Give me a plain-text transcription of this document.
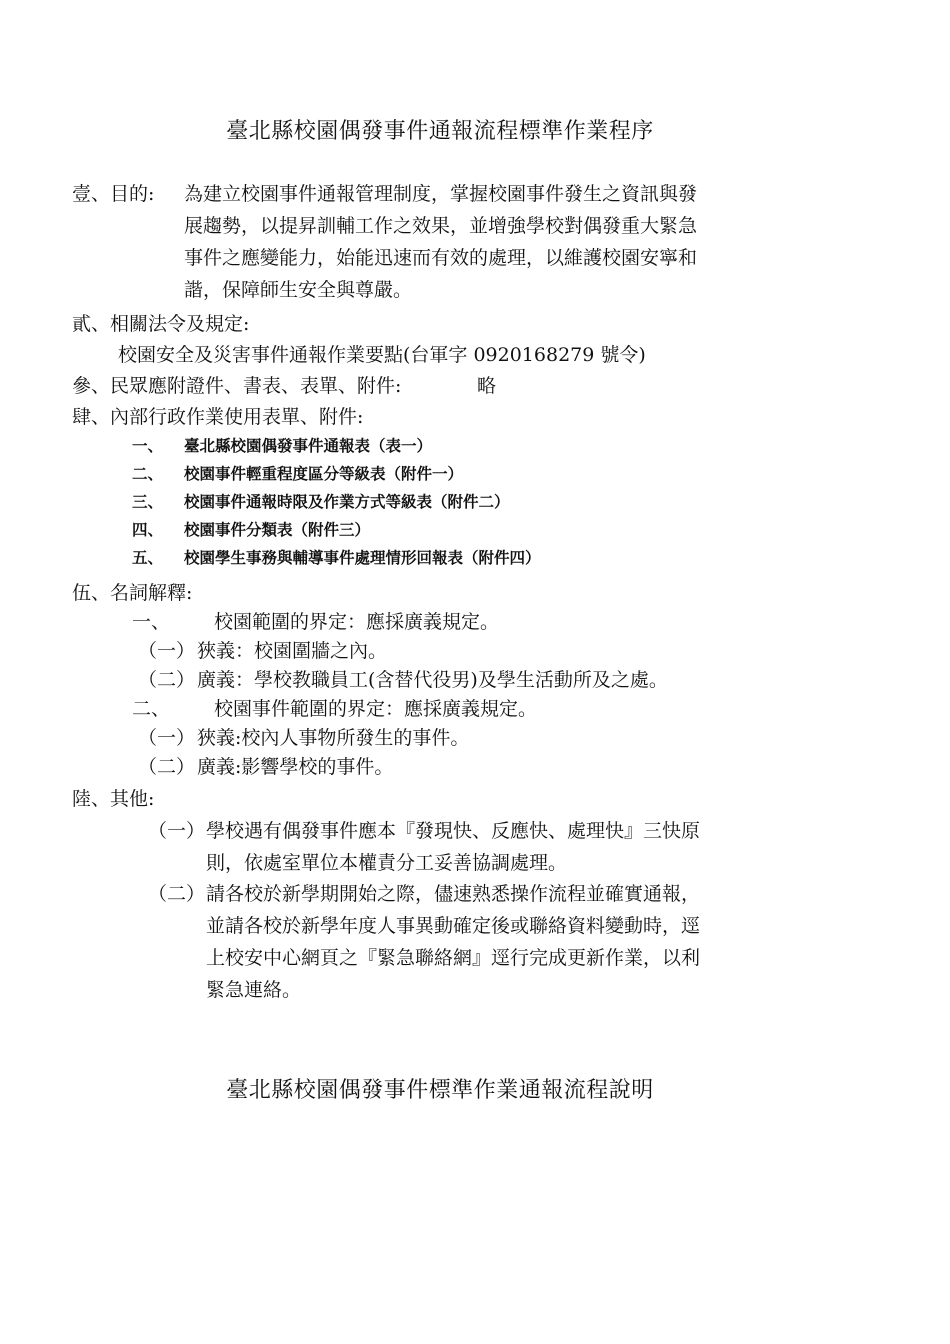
臺北縣校園偶發事件通報流程標準作業程序
壹、目的: 為建立校園事件通報管理制度，掌握校園事件發生之資訊與發
展趨勢，以提昇訓輔工作之效果，並增強學校對偶發重大緊急
事件之應變能力，始能迅速而有效的處理，以維護校園安寧和
諧，保障師生安全與尊嚴。
貳、相關法令及規定:
校園安全及災害事件通報作業要點(台軍字 0920168279 號令)
參、民眾應附證件、書表、表單、附件:	略
肆、內部行政作業使用表單、附件:
一、 臺北縣校園偶發事件通報表（表一）
二、 校園事件輕重程度區分等級表（附件一）
三、 校園事件通報時限及作業方式等級表（附件二）
四、 校園事件分類表（附件三）
五、 校園學生事務與輔導事件處理情形回報表（附件四）
伍、名詞解釋:
一、 校園範圍的界定：應採廣義規定。
（一） 狹義：校園圍牆之內。
（二） 廣義：學校教職員工(含替代役男)及學生活動所及之處。
二、 校園事件範圍的界定：應採廣義規定。
（一） 狹義:校內人事物所發生的事件。
（二） 廣義:影響學校的事件。
陸、其他:
（一） 學校遇有偶發事件應本『發現快、反應快、處理快』三快原
則，依處室單位本權責分工妥善協調處理。
（二） 請各校於新學期開始之際，儘速熟悉操作流程並確實通報，
並請各校於新學年度人事異動確定後或聯絡資料變動時，逕
上校安中心網頁之『緊急聯絡網』逕行完成更新作業，以利
緊急連絡。
臺北縣校園偶發事件標準作業通報流程說明
